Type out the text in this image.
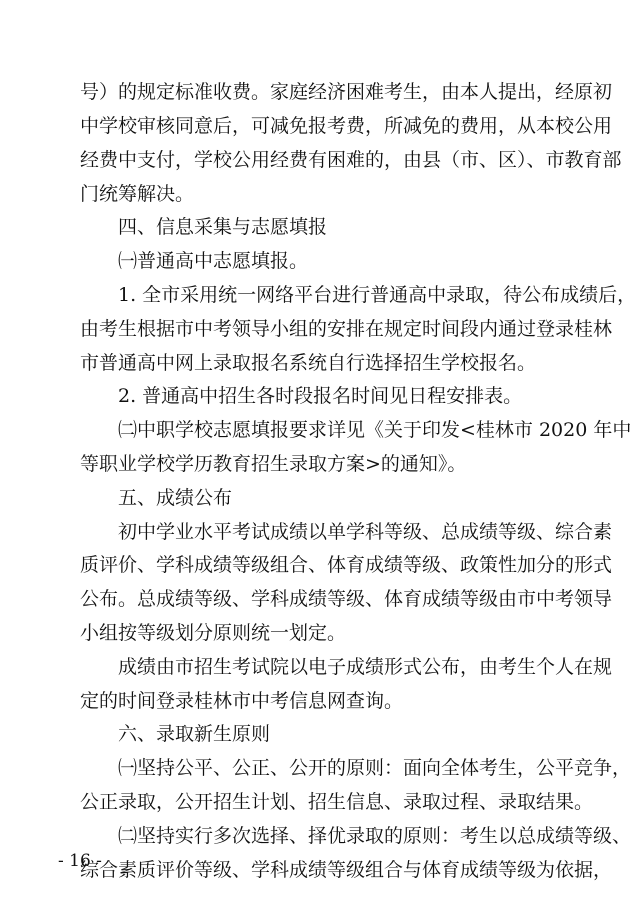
号）的规定标准收费。家庭经济困难考生，由本人提出，经原初
中学校审核同意后，可减免报考费，所减免的费用，从本校公用
经费中支付，学校公用经费有困难的，由县（市、区）、市教育部
门统筹解决。
四、信息采集与志愿填报
㈠普通高中志愿填报。
1. 全市采用统一网络平台进行普通高中录取，待公布成绩后，
由考生根据市中考领导小组的安排在规定时间段内通过登录桂林
市普通高中网上录取报名系统自行选择招生学校报名。
2. 普通高中招生各时段报名时间见日程安排表。
㈡中职学校志愿填报要求详见《关于印发<桂林市 2020 年中
等职业学校学历教育招生录取方案>的通知》。
五、成绩公布
初中学业水平考试成绩以单学科等级、总成绩等级、综合素
质评价、学科成绩等级组合、体育成绩等级、政策性加分的形式
公布。总成绩等级、学科成绩等级、体育成绩等级由市中考领导
小组按等级划分原则统一划定。
成绩由市招生考试院以电子成绩形式公布，由考生个人在规
定的时间登录桂林市中考信息网查询。
六、录取新生原则
㈠坚持公平、公正、公开的原则：面向全体考生，公平竞争，
公正录取，公开招生计划、招生信息、录取过程、录取结果。
㈡坚持实行多次选择、择优录取的原则：考生以总成绩等级、
综合素质评价等级、学科成绩等级组合与体育成绩等级为依据，
- 16 -
